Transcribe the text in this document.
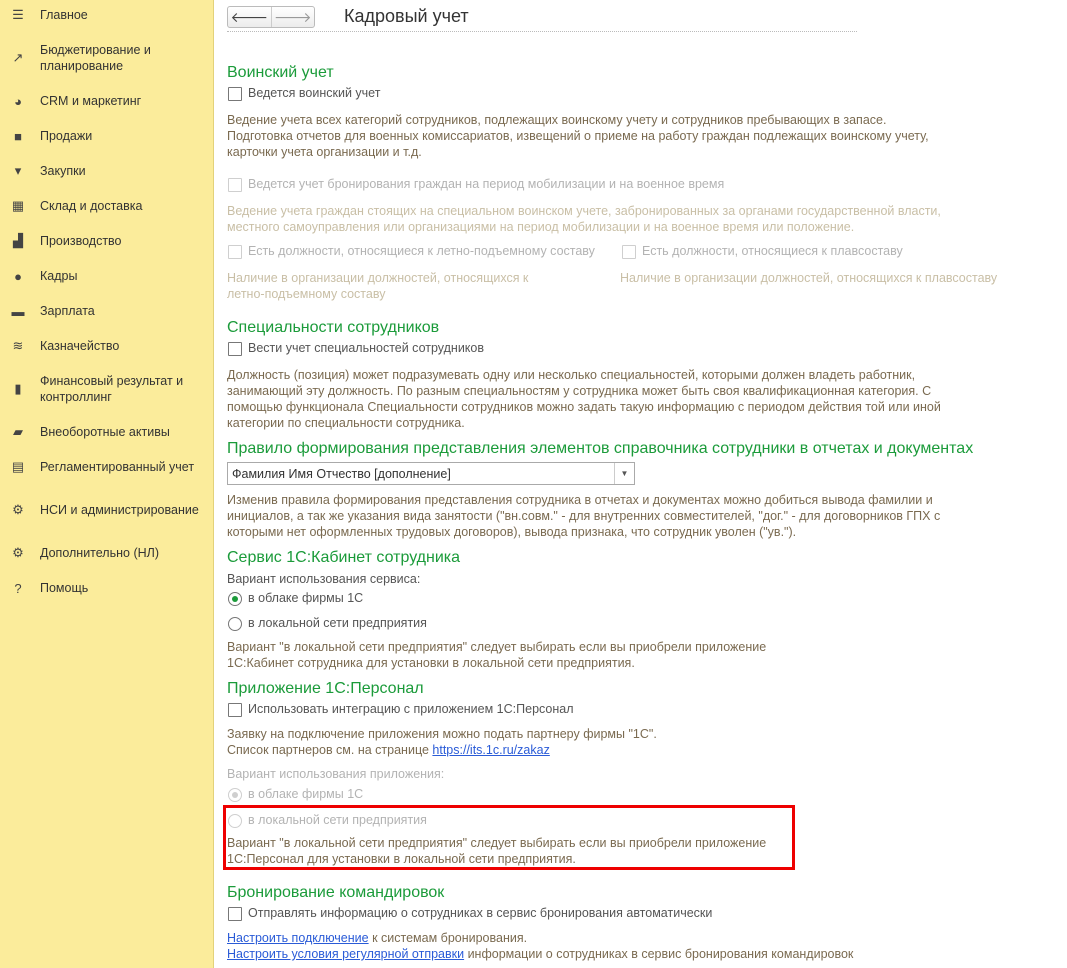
☰ Главное
↗ Бюджетирование и планирование
◕	CRM и маркетинг
■	Продажи
▾	Закупки
▦ Склад и доставка
▟ Производство
●	Кадры
▬ Зарплата
≋ Казначейство
▮	Финансовый результат и контроллинг
▰ Внеоборотные активы
▤ Регламентированный учет
⚙ НСИ и администрирование
⚙ Дополнительно (НЛ)
?	Помощь
🡐 🡒 Кадровый учет
Воинский учет
Ведется воинский учет
Ведение учета всех категорий сотрудников, подлежащих воинскому учету и сотрудников пребывающих в запасе.
Подготовка отчетов для военных комиссариатов, извещений о приеме на работу граждан подлежащих воинскому учету,
карточки учета организации и т.д.
Ведется учет бронирования граждан на период мобилизации и на военное время
Ведение учета граждан стоящих на специальном воинском учете, забронированных за органами государственной власти,
местного самоуправления или организациями на период мобилизации и на военное время или положение.
Есть должности, относящиеся к летно-подъемному составу
Наличие в организации должностей, относящихся к
летно-подъемному составу
Есть должности, относящиеся к плавсоставу
Наличие в организации должностей, относящихся к плавсоставу
Специальности сотрудников
Вести учет специальностей сотрудников
Должность (позиция) может подразумевать одну или несколько специальностей, которыми должен владеть работник,
занимающий эту должность. По разным специальностям у сотрудника может быть своя квалификационная категория. С
помощью функционала Специальности сотрудников можно задать такую информацию с периодом действия той или иной
категории по специальности сотрудника.
Правило формирования представления элементов справочника сотрудники в отчетах и документах
Фамилия Имя Отчество [дополнение]	▼
Изменив правила формирования представления сотрудника в отчетах и документах можно добиться вывода фамилии и
инициалов, а так же указания вида занятости ("вн.совм." - для внутренних совместителей, "дог." - для договорников ГПХ с
которыми нет оформленных трудовых договоров), вывода признака, что сотрудник уволен ("ув.").
Сервис 1С:Кабинет сотрудника
Вариант использования сервиса:
в облаке фирмы 1С
в локальной сети предприятия
Вариант "в локальной сети предприятия" следует выбирать если вы приобрели приложение
1С:Кабинет сотрудника для установки в локальной сети предприятия.
Приложение 1С:Персонал
Использовать интеграцию с приложением 1С:Персонал
Заявку на подключение приложения можно подать партнеру фирмы "1С".
Список партнеров см. на странице https://its.1c.ru/zakaz
Вариант использования приложения:
в облаке фирмы 1С
в локальной сети предприятия
Вариант "в локальной сети предприятия" следует выбирать если вы приобрели приложение
1С:Персонал для установки в локальной сети предприятия.
Бронирование командировок
Отправлять информацию о сотрудниках в сервис бронирования автоматически
Настроить подключение к системам бронирования.
Настроить условия регулярной отправки информации о сотрудниках в сервис бронирования командировок
